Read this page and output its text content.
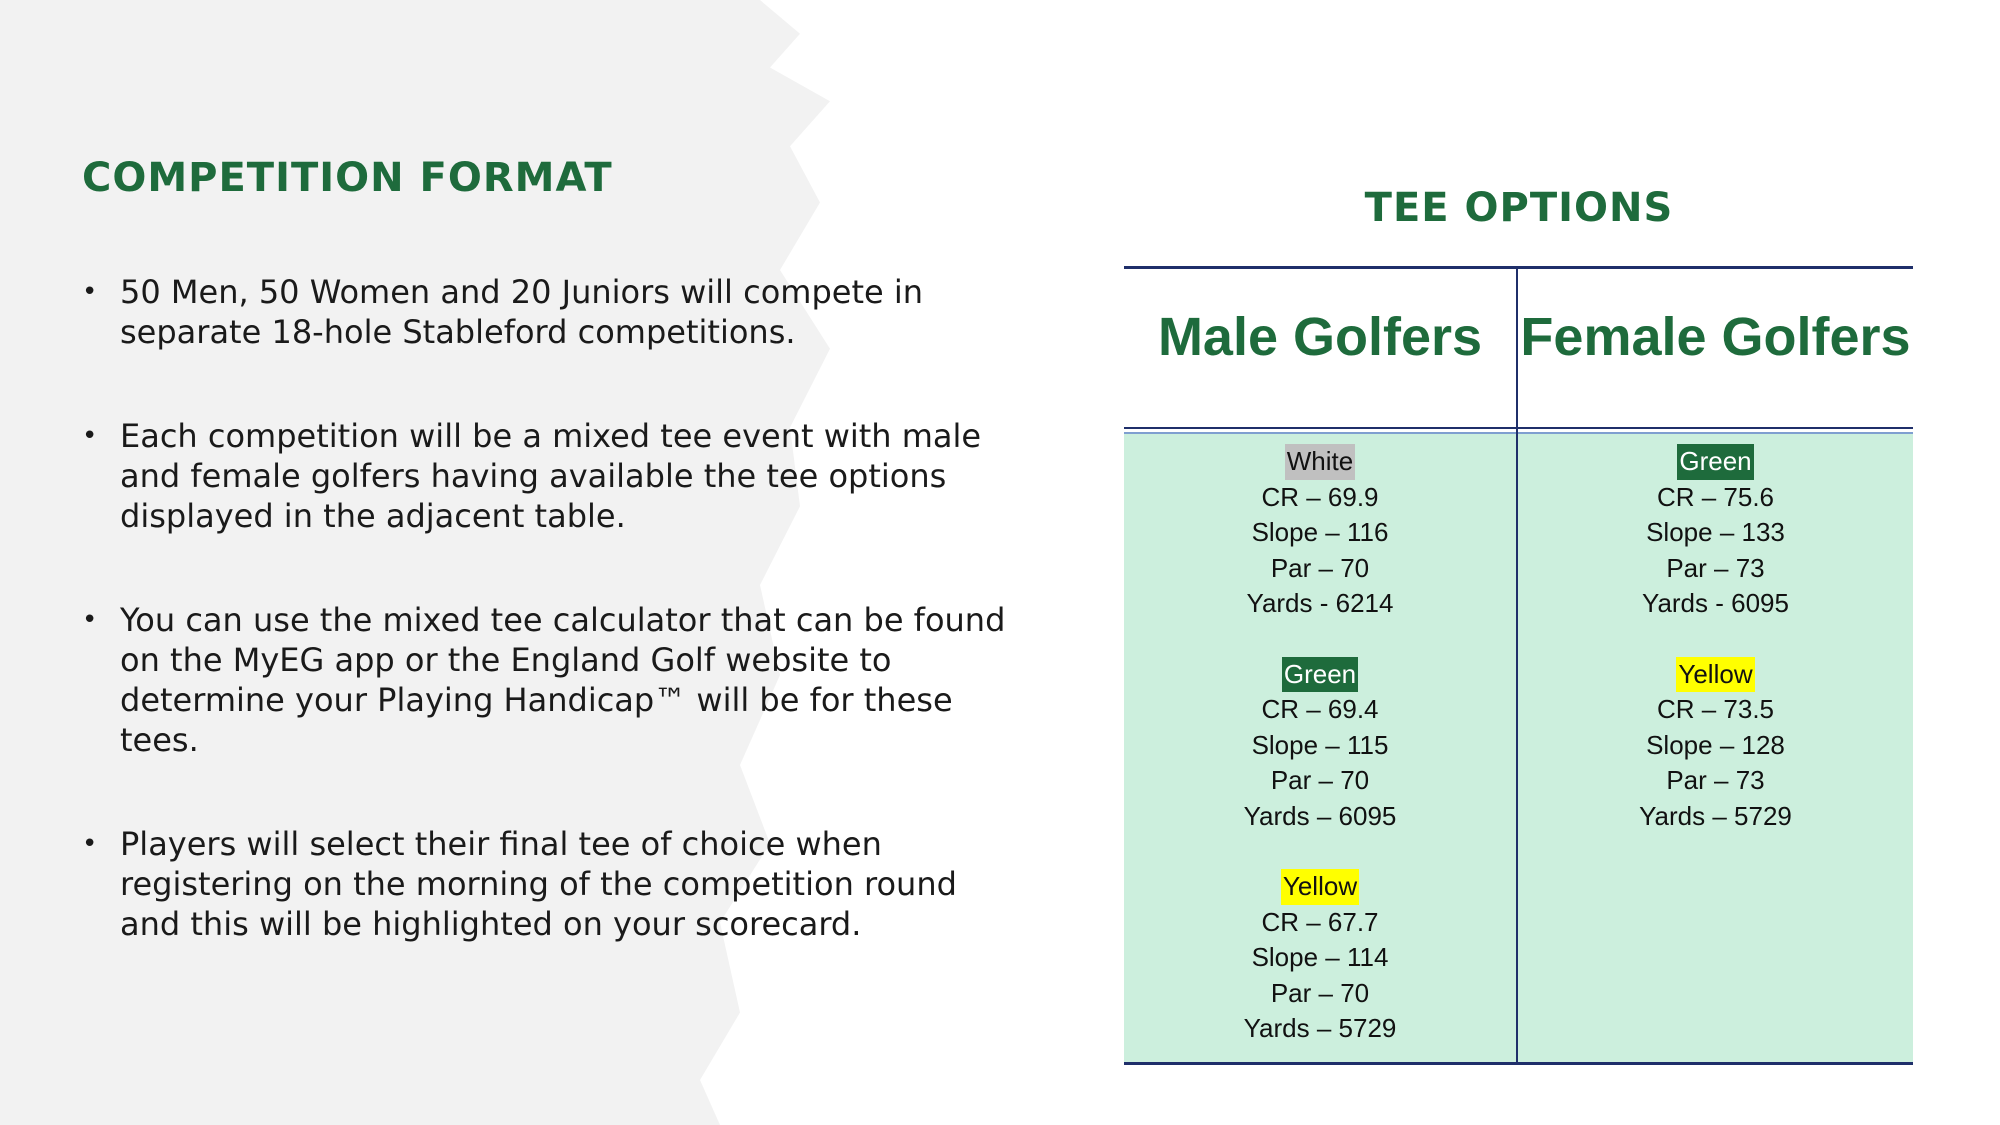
COMPETITION FORMAT
• 50 Men, 50 Women and 20 Juniors will compete in separate 18-hole Stableford competitions.
• Each competition will be a mixed tee event with male and female golfers having available the tee options displayed in the adjacent table.
• You can use the mixed tee calculator that can be found on the MyEG app or the England Golf website to determine your Playing Handicap™ will be for these tees.
• Players will select their final tee of choice when registering on the morning of the competition round and this will be highlighted on your scorecard.
TEE OPTIONS
Male Golfers Female Golfers
White
CR – 69.9
Slope – 116
Par – 70
Yards - 6214
Green
CR – 69.4
Slope – 115
Par – 70
Yards – 6095
Yellow
CR – 67.7
Slope – 114
Par – 70
Yards – 5729
Green
CR – 75.6
Slope – 133
Par – 73
Yards - 6095
Yellow
CR – 73.5
Slope – 128
Par – 73
Yards – 5729
